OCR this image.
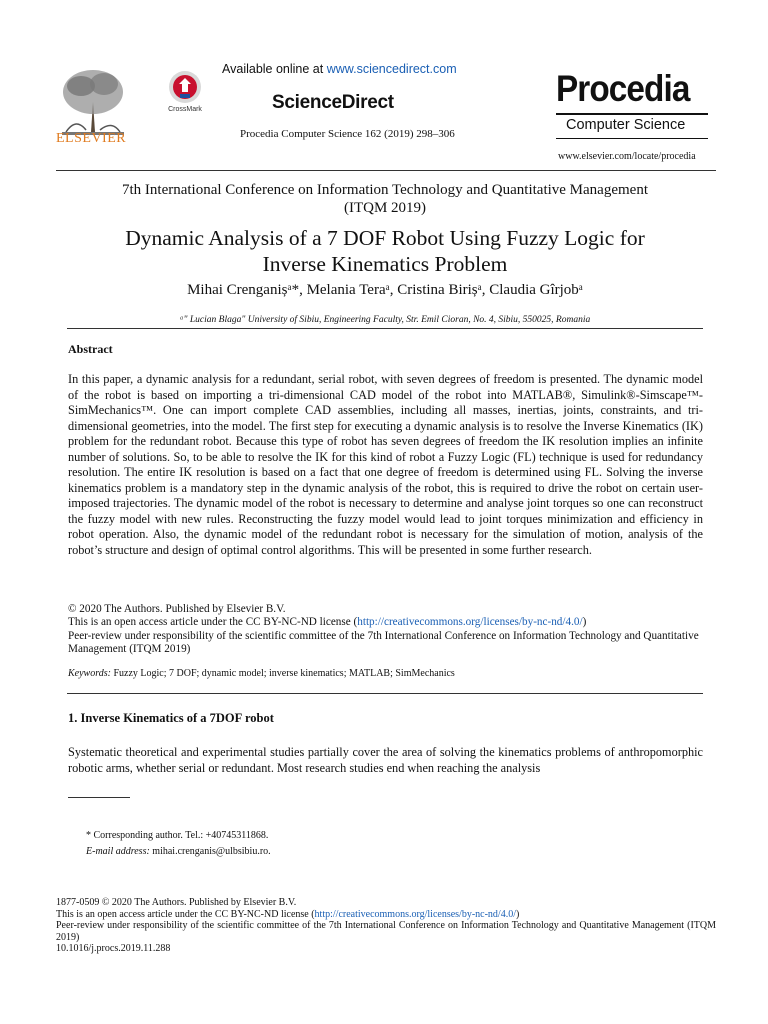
ELSEVIER
CrossMark
Available online at www.sciencedirect.com
ScienceDirect
Procedia Computer Science 162 (2019) 298–306
Procedia
Computer Science
www.elsevier.com/locate/procedia
7th International Conference on Information Technology and Quantitative Management
(ITQM 2019)
Dynamic Analysis of a 7 DOF Robot Using Fuzzy Logic for
Inverse Kinematics Problem
Mihai Crenganișᵃ*, Melania Teraᵃ, Cristina Birișᵃ, Claudia Gîrjobᵃ
ᵃ" Lucian Blaga" University of Sibiu, Engineering Faculty, Str. Emil Cioran, No. 4, Sibiu, 550025, Romania
Abstract
In this paper, a dynamic analysis for a redundant, serial robot, with seven degrees of freedom is presented. The dynamic model of the robot is based on importing a tri-dimensional CAD model of the robot into MATLAB®, Simulink®-Simscape™-SimMechanics™. One can import complete CAD assemblies, including all masses, inertias, joints, constraints, and tri-dimensional geometries, into the model. The first step for executing a dynamic analysis is to resolve the Inverse Kinematics (IK) problem for the redundant robot. Because this type of robot has seven degrees of freedom the IK resolution implies an infinite number of solutions. So, to be able to resolve the IK for this kind of robot a Fuzzy Logic (FL) technique is used for redundancy resolution. The entire IK resolution is based on a fact that one degree of freedom is determined using FL. Solving the inverse kinematics problem is a mandatory step in the dynamic analysis of the robot, this is required to drive the robot on certain user-imposed trajectories. The dynamic model of the robot is necessary to determine and analyse joint torques so one can reconstruct the fuzzy model with new rules. Reconstructing the fuzzy model would lead to joint torques minimization and efficiency in robot operation. Also, the dynamic model of the redundant robot is necessary for the simulation of motion, analysis of the robot’s structure and design of optimal control algorithms. This will be presented in some further research.
© 2020 The Authors. Published by Elsevier B.V.
This is an open access article under the CC BY-NC-ND license (http://creativecommons.org/licenses/by-nc-nd/4.0/)
Peer-review under responsibility of the scientific committee of the 7th International Conference on Information Technology and Quantitative Management (ITQM 2019)
Keywords: Fuzzy Logic; 7 DOF; dynamic model; inverse kinematics; MATLAB; SimMechanics
1. Inverse Kinematics of a 7DOF robot
Systematic theoretical and experimental studies partially cover the area of solving the kinematics problems of anthropomorphic robotic arms, whether serial or redundant. Most research studies end when reaching the analysis
* Corresponding author. Tel.: +40745311868.
E-mail address: mihai.crenganis@ulbsibiu.ro.
1877-0509 © 2020 The Authors. Published by Elsevier B.V.
This is an open access article under the CC BY-NC-ND license (http://creativecommons.org/licenses/by-nc-nd/4.0/)
Peer-review under responsibility of the scientific committee of the 7th International Conference on Information Technology and Quantitative Management (ITQM 2019)
10.1016/j.procs.2019.11.288
